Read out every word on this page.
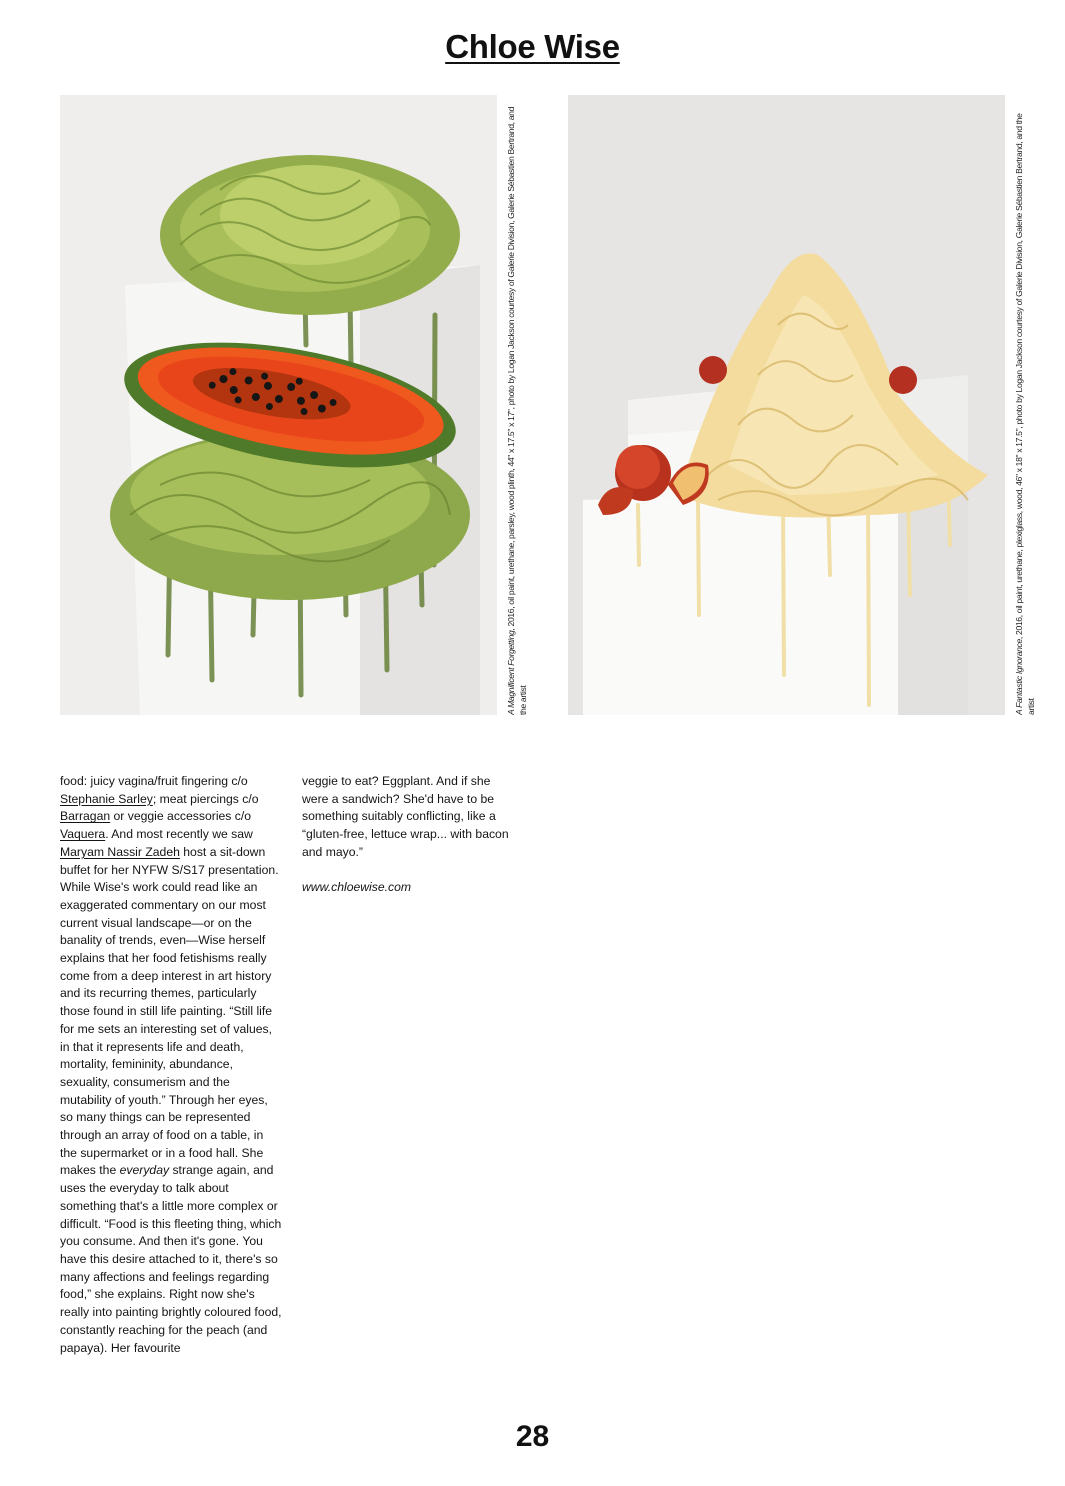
Chloe Wise
A Magnificent Forgetting, 2016, oil paint, urethane, parsley, wood plinth, 44" x 17.5" x 17", photo by Logan Jackson courtesy of Galerie Division, Galerie Sébastien Bertrand, and the artist	A Fantastic Ignorance, 2016, oil paint, urethane, plexiglass, wood, 46" x 18" x 17.5", photo by Logan Jackson courtesy of Galerie Division, Galerie Sébastien Bertrand, and the artist

food: juicy vagina/fruit fingering c/o Stephanie Sarley; meat piercings c/o Barragan or veggie accessories c/o Vaquera. And most recently we saw Maryam Nassir Zadeh host a sit-down buffet for her NYFW S/S17 presentation. While Wise's work could read like an exaggerated commentary on our most current visual landscape—or on the banality of trends, even—Wise herself explains that her food fetishisms really come from a deep interest in art history and its recurring themes, particularly those found in still life painting. “Still life for me sets an interesting set of values, in that it represents life and death, mortality, femininity, abundance, sexuality, consumerism and the mutability of youth.” Through her eyes, so many things can be represented through an array of food on a table, in the supermarket or in a food hall. She makes the everyday strange again, and uses the everyday to talk about something that's a little more complex or difficult. “Food is this fleeting thing, which you consume. And then it's gone. You have this desire attached to it, there's so many affections and feelings regarding food,” she explains. Right now she's really into painting brightly coloured food, constantly reaching for the peach (and papaya). Her favourite

veggie to eat? Eggplant. And if she were a sandwich? She'd have to be something suitably conflicting, like a “gluten-free, lettuce wrap... with bacon and mayo.”

www.chloewise.com

28
